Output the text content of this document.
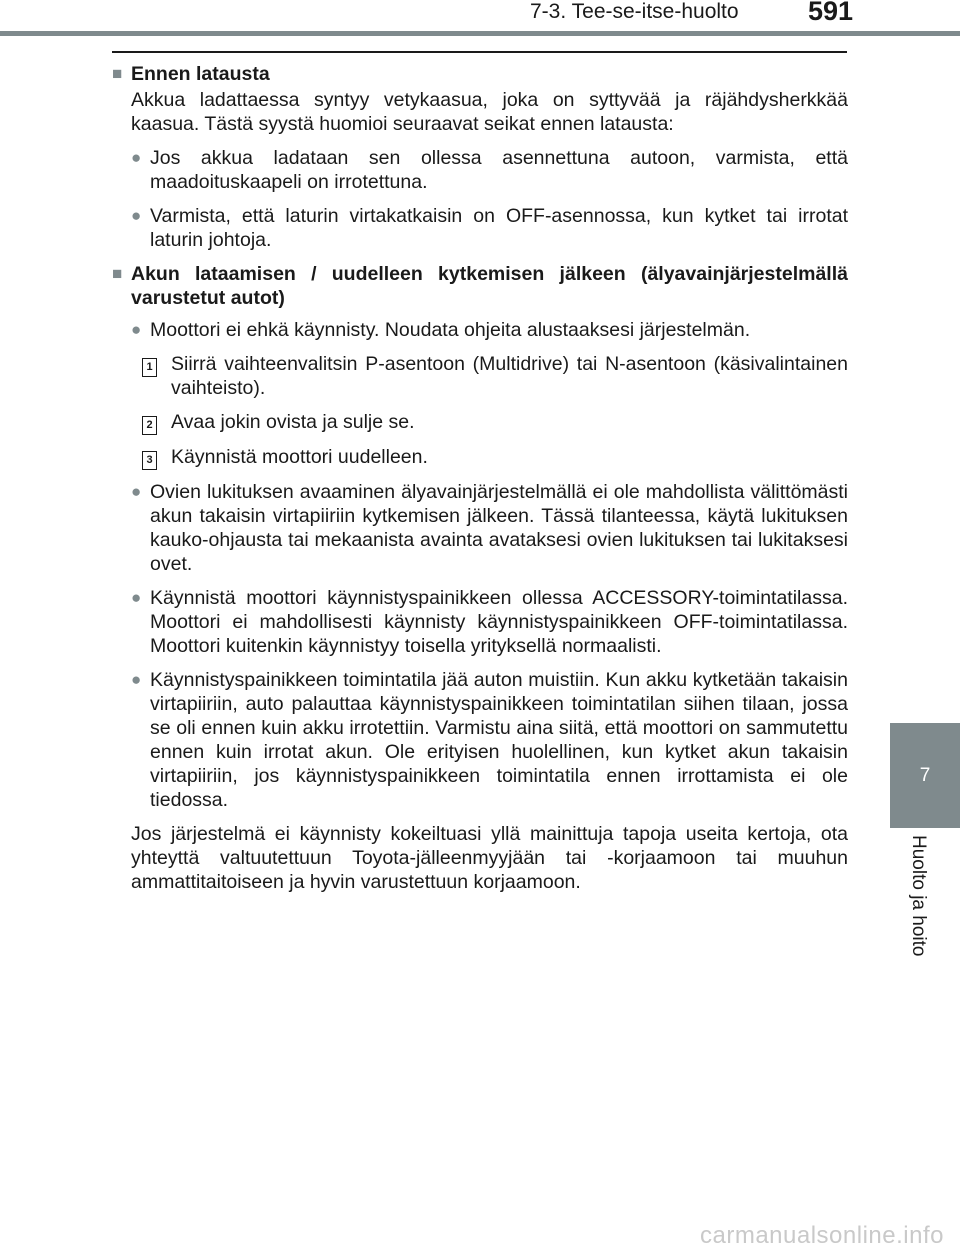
7-3. Tee-se-itse-huolto	591
7
Huolto ja hoito
■ Ennen latausta
Akkua ladattaessa syntyy vetykaasua, joka on syttyvää ja räjähdysherkkää kaasua. Tästä syystä huomioi seuraavat seikat ennen latausta:
● Jos akkua ladataan sen ollessa asennettuna autoon, varmista, että maadoituskaapeli on irrotettuna.
● Varmista, että laturin virtakatkaisin on OFF-asennossa, kun kytket tai irrotat laturin johtoja.
■ Akun lataamisen / uudelleen kytkemisen jälkeen (älyavainjärjestelmällä varustetut autot)
● Moottori ei ehkä käynnisty. Noudata ohjeita alustaaksesi järjestelmän.
1 Siirrä vaihteenvalitsin P-asentoon (Multidrive) tai N-asentoon (käsivalintainen vaihteisto).
2 Avaa jokin ovista ja sulje se.
3 Käynnistä moottori uudelleen.
● Ovien lukituksen avaaminen älyavainjärjestelmällä ei ole mahdollista välittömästi akun takaisin virtapiiriin kytkemisen jälkeen. Tässä tilanteessa, käytä lukituksen kauko-ohjausta tai mekaanista avainta avataksesi ovien lukituksen tai lukitaksesi ovet.
● Käynnistä moottori käynnistyspainikkeen ollessa ACCESSORY-toimintatilassa. Moottori ei mahdollisesti käynnisty käynnistyspainikkeen OFF-toimintatilassa. Moottori kuitenkin käynnistyy toisella yrityksellä normaalisti.
● Käynnistyspainikkeen toimintatila jää auton muistiin. Kun akku kytketään takaisin virtapiiriin, auto palauttaa käynnistyspainikkeen toimintatilan siihen tilaan, jossa se oli ennen kuin akku irrotettiin. Varmistu aina siitä, että moottori on sammutettu ennen kuin irrotat akun. Ole erityisen huolellinen, kun kytket akun takaisin virtapiiriin, jos käynnistyspainikkeen toimintatila ennen irrottamista ei ole tiedossa.
Jos järjestelmä ei käynnisty kokeiltuasi yllä mainittuja tapoja useita kertoja, ota yhteyttä valtuutettuun Toyota-jälleenmyyjään tai -korjaamoon tai muuhun ammattitaitoiseen ja hyvin varustettuun korjaamoon.
carmanualsonline.info
